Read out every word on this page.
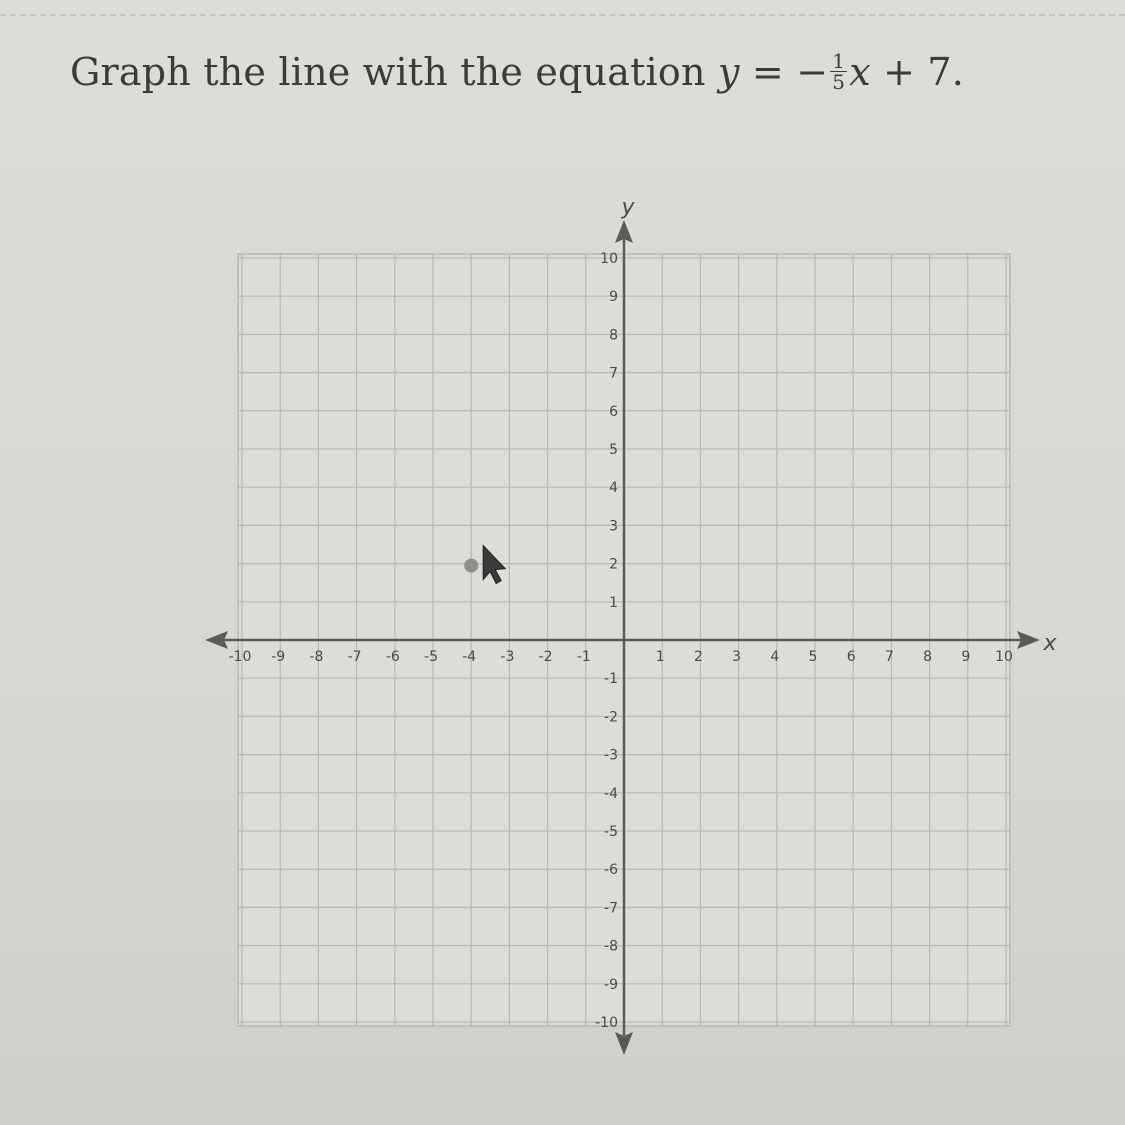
Graph the line with the equation y = − $\frac{1}{5}$ x + 7.
x
y
-10 -9 -8 -7 -6 -5 -4 -3 -2 -1	1 2 3 4 5 6 7 8 9 10
10
9
8
7
6
5
4
3
2
1
-1
-2
-3
-4
-5
-6
-7
-8
-9
-10
